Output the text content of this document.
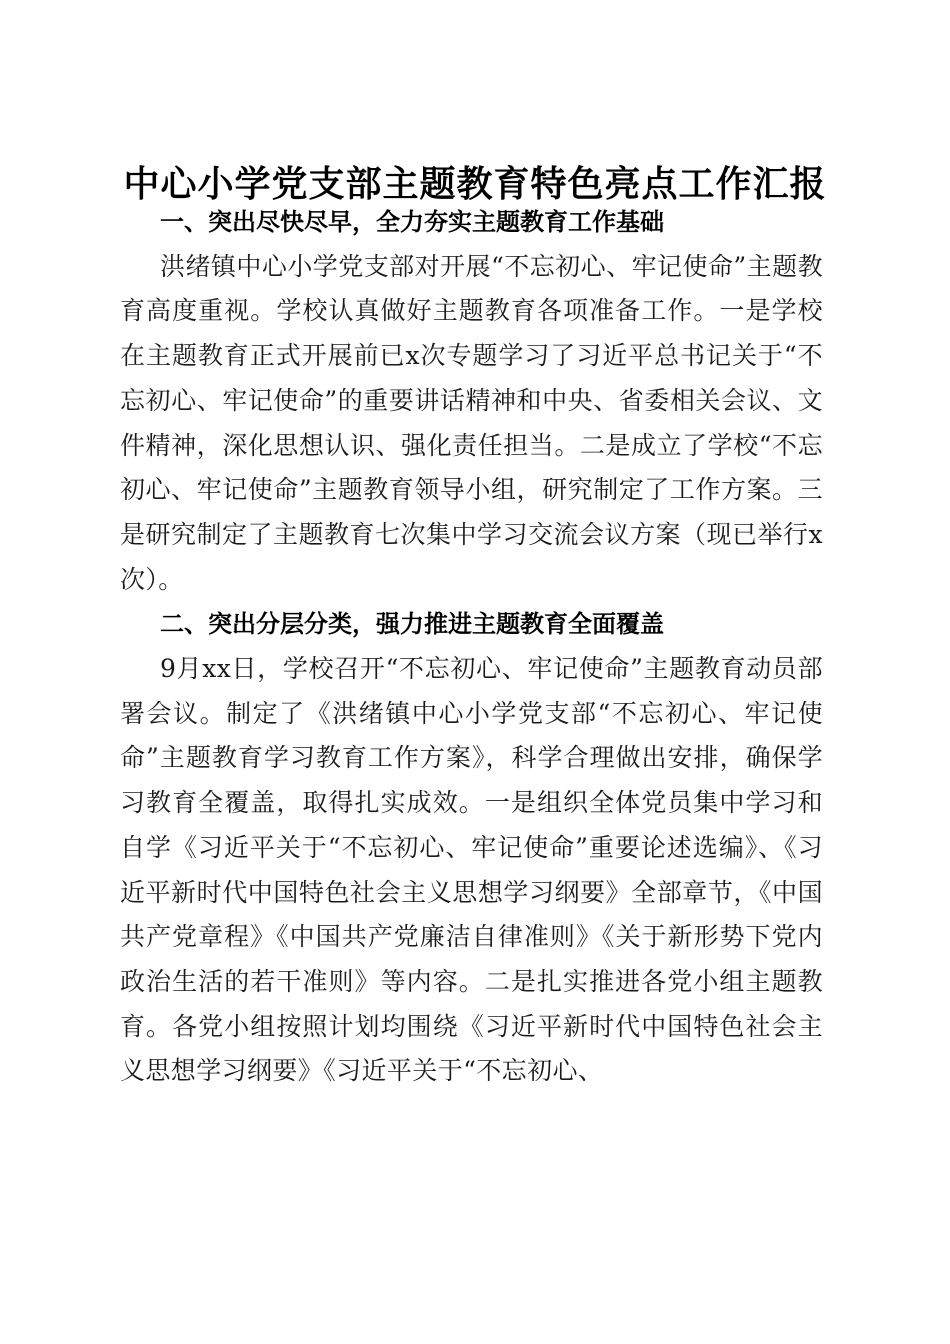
中心小学党支部主题教育特色亮点工作汇报

一、突出尽快尽早，全力夯实主题教育工作基础

洪绪镇中心小学党支部对开展“不忘初心、牢记使命”主题教育高度重视。学校认真做好主题教育各项准备工作。一是学校在主题教育正式开展前已x次专题学习了习近平总书记关于“不忘初心、牢记使命”的重要讲话精神和中央、省委相关会议、文件精神，深化思想认识、强化责任担当。二是成立了学校“不忘初心、牢记使命”主题教育领导小组，研究制定了工作方案。三是研究制定了主题教育七次集中学习交流会议方案（现已举行x次）。

二、突出分层分类，强力推进主题教育全面覆盖

9月xx日，学校召开“不忘初心、牢记使命”主题教育动员部署会议。制定了《洪绪镇中心小学党支部“不忘初心、牢记使命”主题教育学习教育工作方案》，科学合理做出安排，确保学习教育全覆盖，取得扎实成效。一是组织全体党员集中学习和自学《习近平关于“不忘初心、牢记使命”重要论述选编》、《习近平新时代中国特色社会主义思想学习纲要》全部章节，《中国共产党章程》《中国共产党廉洁自律准则》《关于新形势下党内政治生活的若干准则》等内容。二是扎实推进各党小组主题教育。各党小组按照计划均围绕《习近平新时代中国特色社会主义思想学习纲要》《习近平关于“不忘初心、
